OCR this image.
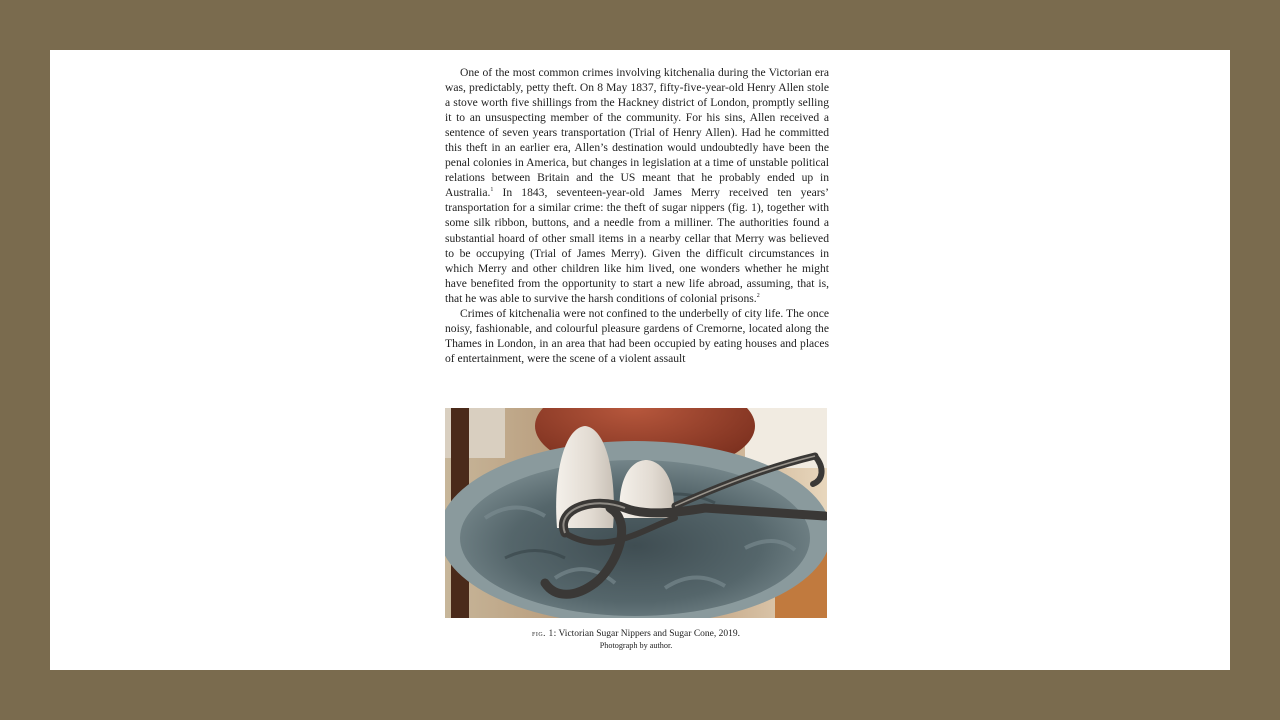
One of the most common crimes involving kitchenalia during the Victorian era was, predictably, petty theft. On 8 May 1837, fifty-five-year-old Henry Allen stole a stove worth five shillings from the Hackney district of London, promptly selling it to an unsuspecting member of the community. For his sins, Allen received a sentence of seven years transportation (Trial of Henry Allen). Had he committed this theft in an earlier era, Allen’s destination would undoubtedly have been the penal colonies in America, but changes in legislation at a time of unstable political relations between Britain and the US meant that he probably ended up in Australia.$^1$ In 1843, seventeen-year-old James Merry received ten years’ transportation for a similar crime: the theft of sugar nippers (fig. 1), together with some silk ribbon, buttons, and a needle from a milliner. The authorities found a substantial hoard of other small items in a nearby cellar that Merry was believed to be occupying (Trial of James Merry). Given the difficult circumstances in which Merry and other children like him lived, one wonders whether he might have benefited from the opportunity to start a new life abroad, assuming, that is, that he was able to survive the harsh conditions of colonial prisons.$^2$

Crimes of kitchenalia were not confined to the underbelly of city life. The once noisy, fashionable, and colourful pleasure gardens of Cremorne, located along the Thames in London, in an area that had been occupied by eating houses and places of entertainment, were the scene of a violent assault

fig. 1: Victorian Sugar Nippers and Sugar Cone, 2019.
Photograph by author.
